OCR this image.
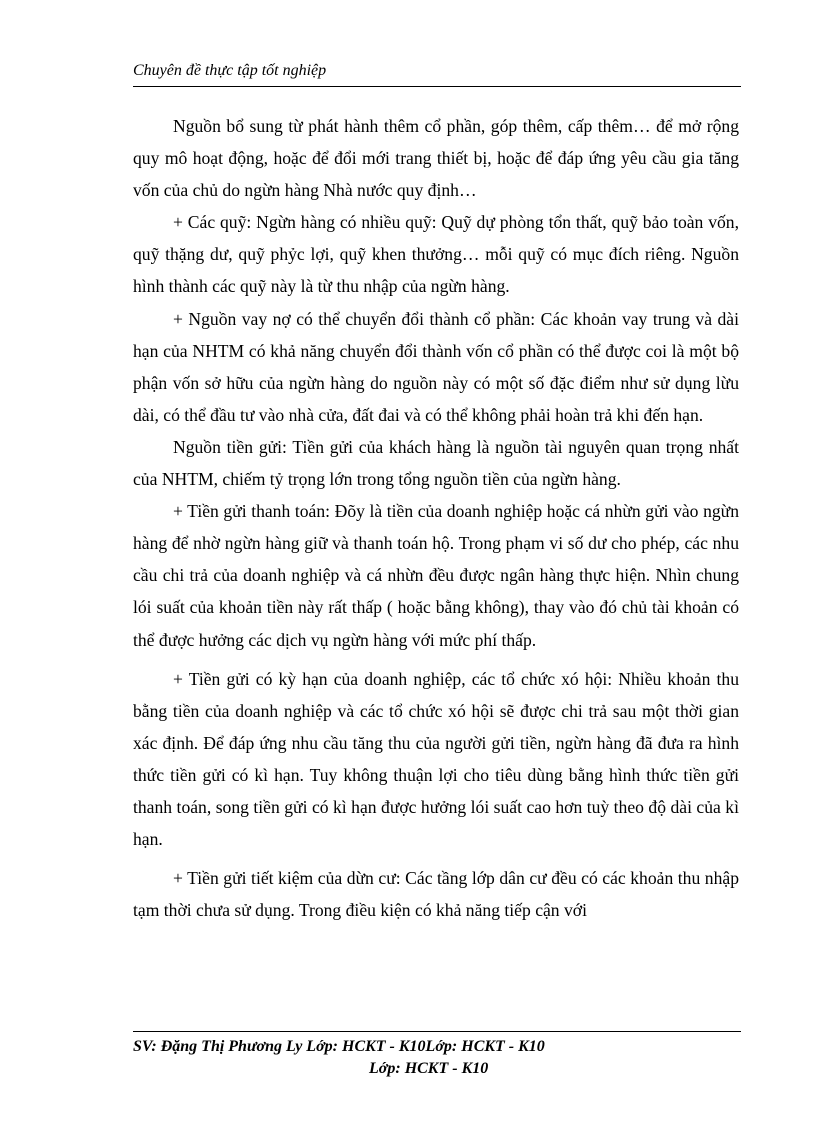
Chuyên đề thực tập tốt nghiệp

Nguồn bổ sung từ phát hành thêm cổ phần, góp thêm, cấp thêm… để mở rộng quy mô hoạt động, hoặc để đổi mới trang thiết bị, hoặc để đáp ứng yêu cầu gia tăng vốn của chủ do ngừn hàng Nhà nước quy định…

+ Các quỹ: Ngừn hàng có nhiều quỹ: Quỹ dự phòng tổn thất, quỹ bảo toàn vốn, quỹ thặng dư, quỹ phỷc lợi, quỹ khen thưởng… mỗi quỹ có mục đích riêng. Nguồn hình thành các quỹ này là từ thu nhập của ngừn hàng.

+ Nguồn vay nợ có thể chuyển đổi thành cổ phần: Các khoản vay trung và dài hạn của NHTM có khả năng chuyển đổi thành vốn cổ phần có thể được coi là một bộ phận vốn sở hữu của ngừn hàng do nguồn này có một số đặc điểm như sử dụng lừu dài, có thể đầu tư vào nhà cửa, đất đai và có thể không phải hoàn trả khi đến hạn.

Nguồn tiền gửi: Tiền gửi của khách hàng là nguồn tài nguyên quan trọng nhất của NHTM, chiếm tỷ trọng lớn trong tổng nguồn tiền của ngừn hàng.

+ Tiền gửi thanh toán: Đõy là tiền của doanh nghiệp hoặc cá nhừn gửi vào ngừn hàng để nhờ ngừn hàng giữ và thanh toán hộ. Trong phạm vi số dư cho phép, các nhu cầu chi trả của doanh nghiệp và cá nhừn đều được ngân hàng thực hiện. Nhìn chung lói suất của khoản tiền này rất thấp ( hoặc bằng không), thay vào đó chủ tài khoản có thể được hưởng các dịch vụ ngừn hàng với mức phí thấp.

+ Tiền gửi có kỳ hạn của doanh nghiệp, các tổ chức xó hội: Nhiều khoản thu bằng tiền của doanh nghiệp và các tổ chức xó hội sẽ được chi trả sau một thời gian xác định. Để đáp ứng nhu cầu tăng thu của người gửi tiền, ngừn hàng đã đưa ra hình thức tiền gửi có kì hạn. Tuy không thuận lợi cho tiêu dùng bằng hình thức tiền gửi thanh toán, song tiền gửi có kì hạn được hưởng lói suất cao hơn tuỳ theo độ dài của kì hạn.

+ Tiền gửi tiết kiệm của dừn cư: Các tầng lớp dân cư đều có các khoản thu nhập tạm thời chưa sử dụng. Trong điều kiện có khả năng tiếp cận với

SV: Đặng Thị Phương Ly Lớp: HCKT - K10Lớp: HCKT - K10
Lớp: HCKT - K10
